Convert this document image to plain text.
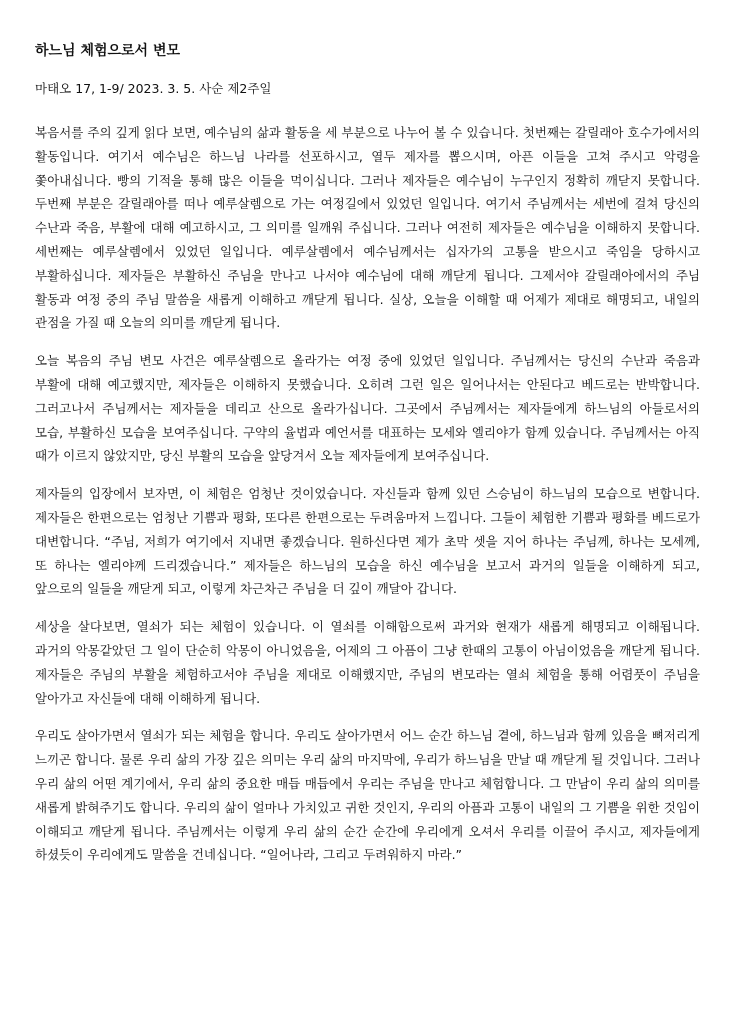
하느님 체험으로서 변모
마태오 17, 1-9/ 2023. 3. 5. 사순 제2주일

복음서를 주의 깊게 읽다 보면, 예수님의 삶과 활동을 세 부분으로 나누어 볼 수 있습니다. 첫번째는 갈릴래아 호수가에서의 활동입니다. 여기서 예수님은 하느님 나라를 선포하시고, 열두 제자를 뽑으시며, 아픈 이들을 고쳐 주시고 악령을 쫓아내십니다. 빵의 기적을 통해 많은 이들을 먹이십니다. 그러나 제자들은 예수님이 누구인지 정확히 깨닫지 못합니다. 두번째 부분은 갈릴래아를 떠나 예루살렘으로 가는 여정길에서 있었던 일입니다. 여기서 주님께서는 세번에 걸쳐 당신의 수난과 죽음, 부활에 대해 예고하시고, 그 의미를 일깨워 주십니다. 그러나 여전히 제자들은 예수님을 이해하지 못합니다. 세번째는 예루살렘에서 있었던 일입니다. 예루살렘에서 예수님께서는 십자가의 고통을 받으시고 죽임을 당하시고 부활하십니다. 제자들은 부활하신 주님을 만나고 나서야 예수님에 대해 깨닫게 됩니다. 그제서야 갈릴래아에서의 주님 활동과 여정 중의 주님 말씀을 새롭게 이해하고 깨닫게 됩니다. 실상, 오늘을 이해할 때 어제가 제대로 해명되고, 내일의 관점을 가질 때 오늘의 의미를 깨닫게 됩니다.

오늘 복음의 주님 변모 사건은 예루살렘으로 올라가는 여정 중에 있었던 일입니다. 주님께서는 당신의 수난과 죽음과 부활에 대해 예고했지만, 제자들은 이해하지 못했습니다. 오히려 그런 일은 일어나서는 안된다고 베드로는 반박합니다. 그러고나서 주님께서는 제자들을 데리고 산으로 올라가십니다. 그곳에서 주님께서는 제자들에게 하느님의 아들로서의 모습, 부활하신 모습을 보여주십니다. 구약의 율법과 예언서를 대표하는 모세와 엘리야가 함께 있습니다. 주님께서는 아직 때가 이르지 않았지만, 당신 부활의 모습을 앞당겨서 오늘 제자들에게 보여주십니다.

제자들의 입장에서 보자면, 이 체험은 엄청난 것이었습니다. 자신들과 함께 있던 스승님이 하느님의 모습으로 변합니다. 제자들은 한편으로는 엄청난 기쁨과 평화, 또다른 한편으로는 두려움마저 느낍니다. 그들이 체험한 기쁨과 평화를 베드로가 대변합니다. “주님, 저희가 여기에서 지내면 좋겠습니다. 원하신다면 제가 초막 셋을 지어 하나는 주님께, 하나는 모세께, 또 하나는 엘리야께 드리겠습니다.” 제자들은 하느님의 모습을 하신 예수님을 보고서 과거의 일들을 이해하게 되고, 앞으로의 일들을 깨닫게 되고, 이렇게 차근차근 주님을 더 깊이 깨달아 갑니다.

세상을 살다보면, 열쇠가 되는 체험이 있습니다. 이 열쇠를 이해함으로써 과거와 현재가 새롭게 해명되고 이해됩니다. 과거의 악몽같았던 그 일이 단순히 악몽이 아니었음을, 어제의 그 아픔이 그냥 한때의 고통이 아님이었음을 깨닫게 됩니다. 제자들은 주님의 부활을 체험하고서야 주님을 제대로 이해했지만, 주님의 변모라는 열쇠 체험을 통해 어렴풋이 주님을 알아가고 자신들에 대해 이해하게 됩니다.

우리도 살아가면서 열쇠가 되는 체험을 합니다. 우리도 살아가면서 어느 순간 하느님 곁에, 하느님과 함께 있음을 뼈저리게 느끼곤 합니다. 물론 우리 삶의 가장 깊은 의미는 우리 삶의 마지막에, 우리가 하느님을 만날 때 깨닫게 될 것입니다. 그러나 우리 삶의 어떤 계기에서, 우리 삶의 중요한 매듭 매듭에서 우리는 주님을 만나고 체험합니다. 그 만남이 우리 삶의 의미를 새롭게 밝혀주기도 합니다. 우리의 삶이 얼마나 가치있고 귀한 것인지, 우리의 아픔과 고통이 내일의 그 기쁨을 위한 것임이 이해되고 깨닫게 됩니다. 주님께서는 이렇게 우리 삶의 순간 순간에 우리에게 오셔서 우리를 이끌어 주시고, 제자들에게 하셨듯이 우리에게도 말씀을 건네십니다. “일어나라, 그리고 두려워하지 마라.”
